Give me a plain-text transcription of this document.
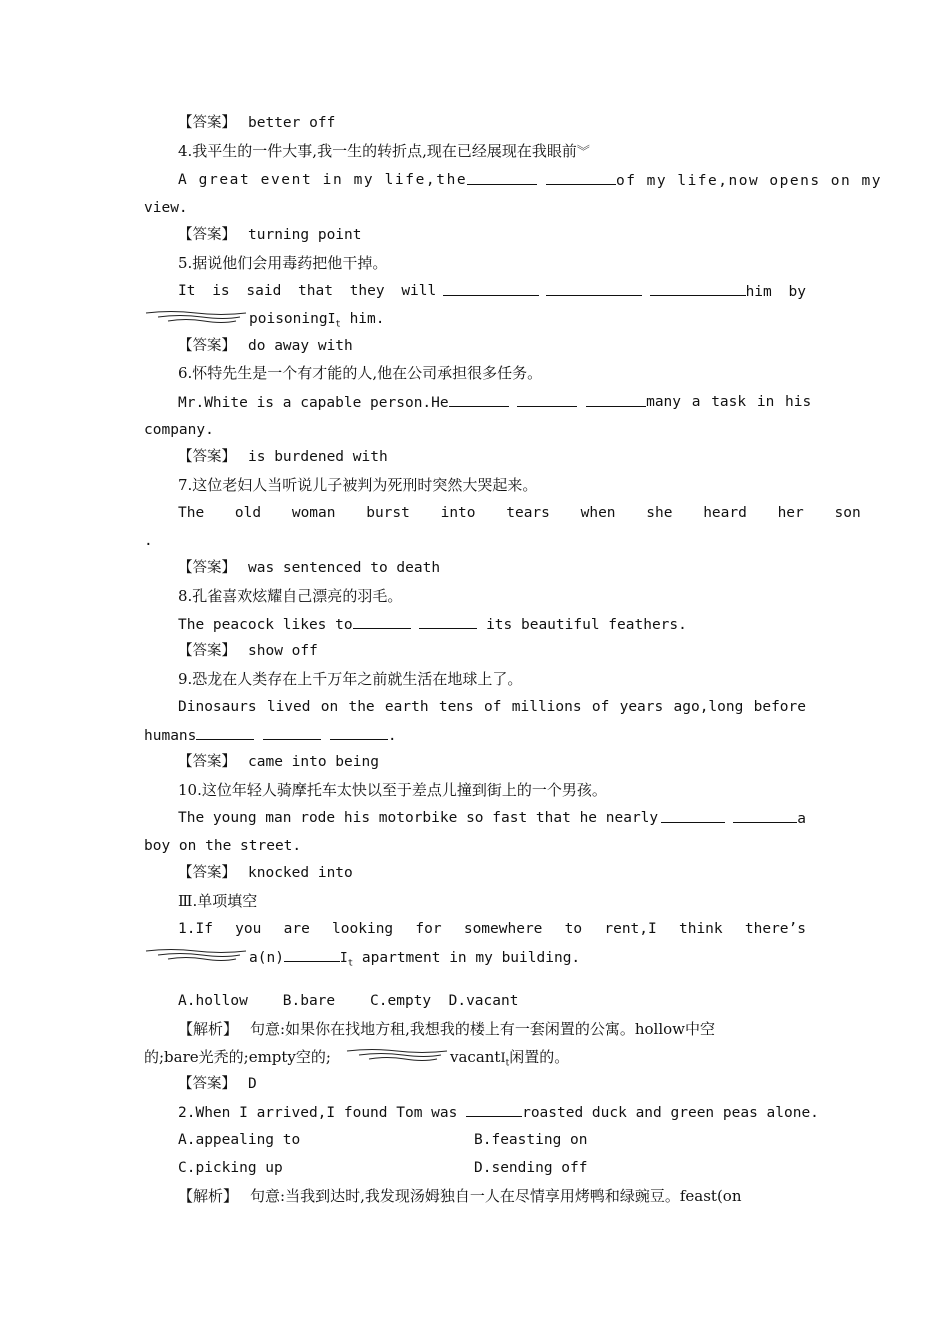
【答案】 better off
4.我平生的一件大事,我一生的转折点,现在已经展现在我眼前︾
A great event in my life,the	of my life,now opens on my
view.
【答案】 turning point
5.据说他们会用毒药把他干掉。
It is said that they will	him by
poisoningI$_t$ him.
【答案】 do away with
6.怀特先生是一个有才能的人,他在公司承担很多任务。
Mr.White is a capable person.He	many a task in his
company.
【答案】 is burdened with
7.这位老妇人当听说儿子被判为死刑时突然大哭起来。
The old woman burst into tears when she heard her son
.
【答案】 was sentenced to death
8.孔雀喜欢炫耀自己漂亮的羽毛。
The peacock likes to	its beautiful feathers.
【答案】 show off
9.恐龙在人类存在上千万年之前就生活在地球上了。
Dinosaurs lived on the earth tens of millions of years ago,long before
humans	.
【答案】 came into being
10.这位年轻人骑摩托车太快以至于差点儿撞到街上的一个男孩。
The young man rode his motorbike so fast that he nearly	a
boy on the street.
【答案】 knocked into
Ⅲ.单项填空
1.If you are looking for somewhere to rent,I think there’s
a(n)	$I_t$ apartment in my building.
A.hollow    B.bare    C.empty  D.vacant
【解析】 句意:如果你在找地方租,我想我的楼上有一套闲置的公寓。hollow中空
的;bare光秃的;empty空的;	vacantI$_t$闲置的。
【答案】 D
2.When I arrived,I found Tom was	roasted duck and green peas alone.
A.appealing to	B.feasting on
C.picking up	D.sending off
【解析】 句意:当我到达时,我发现汤姆独自一人在尽情享用烤鸭和绿豌豆。feast(on
